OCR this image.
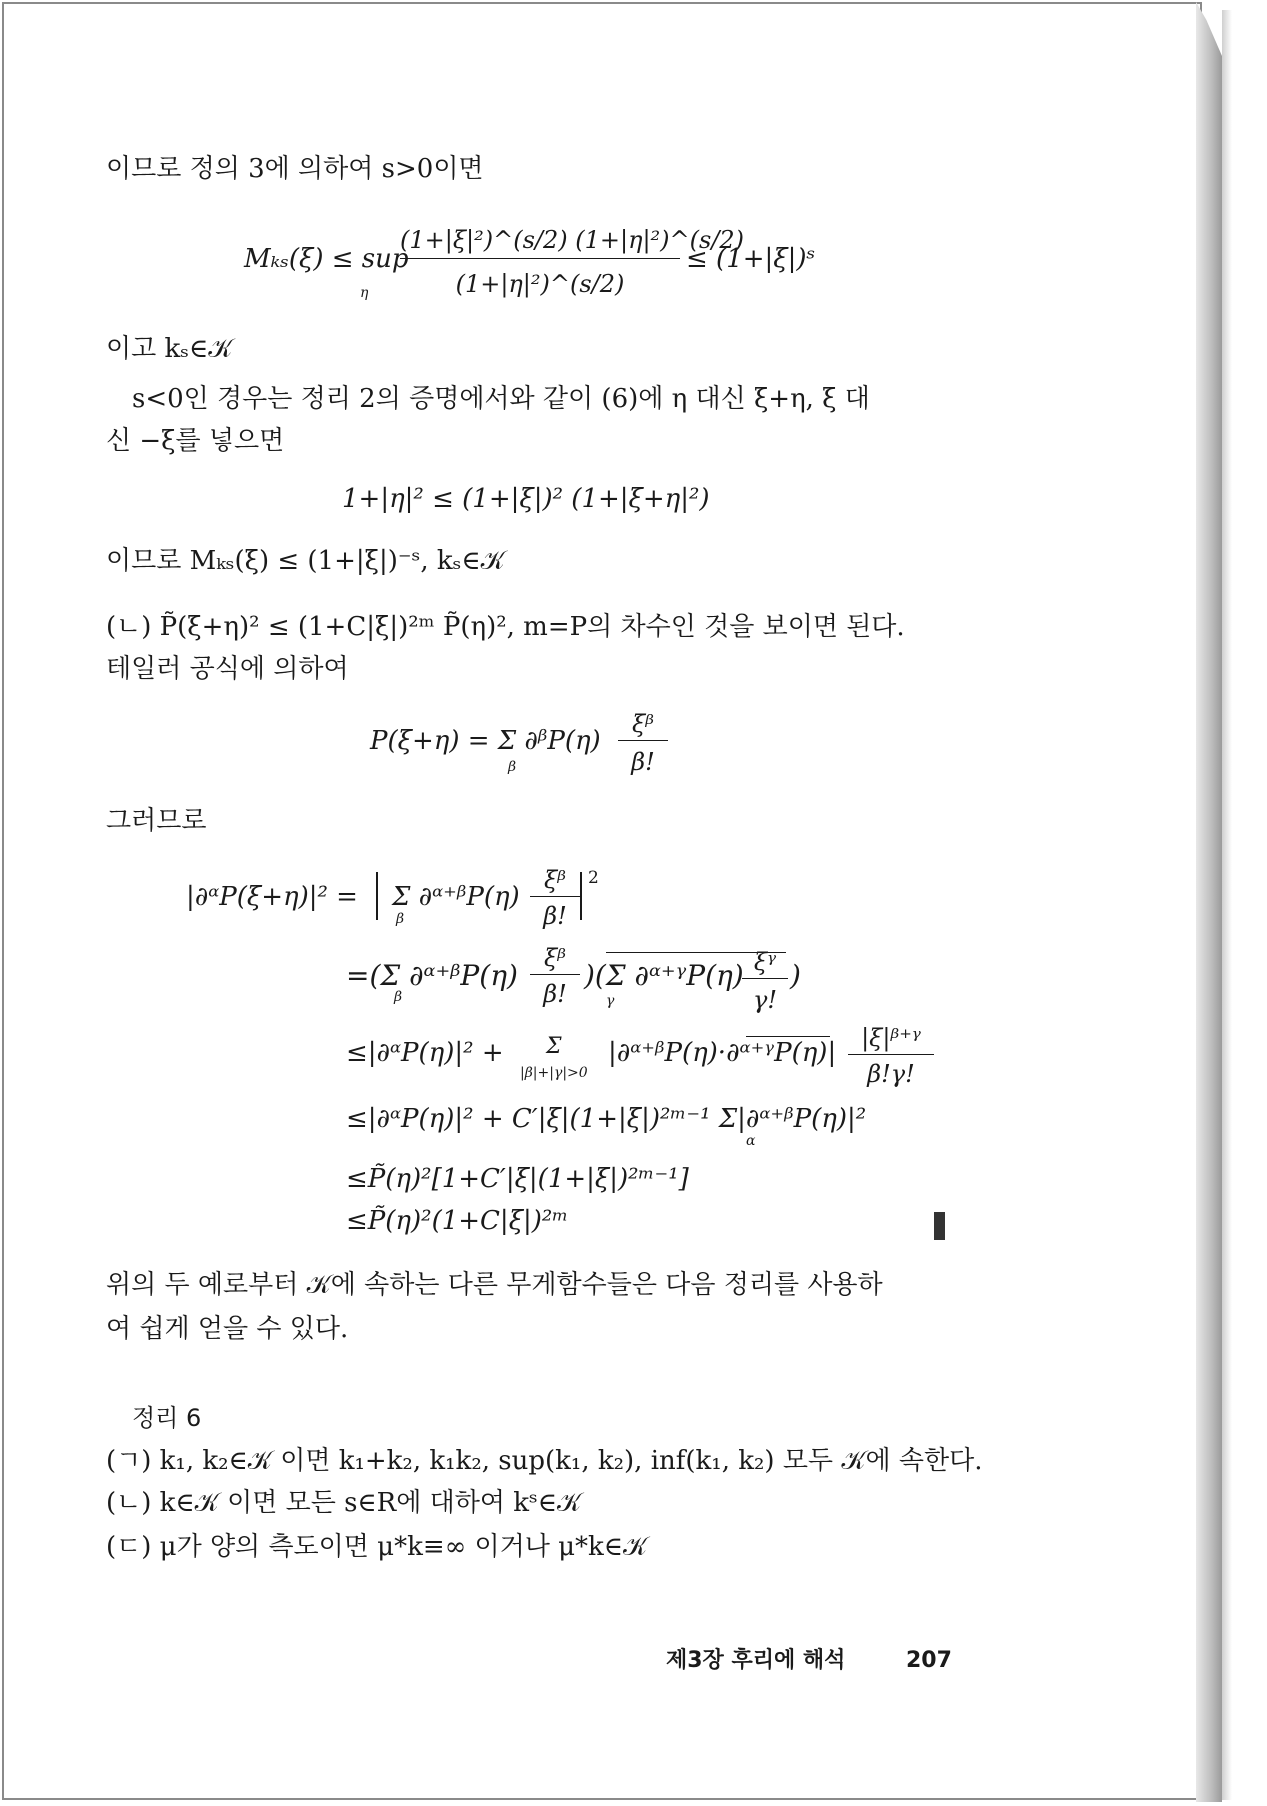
이므로 정의 3에 의하여 s>0이면
Mₖₛ(ξ) ≤ sup
η
(1+|ξ|²)^(s/2) (1+|η|²)^(s/2)
(1+|η|²)^(s/2)
≤ (1+|ξ|)ˢ
이고 kₛ∈𝒦
s<0인 경우는 정리 2의 증명에서와 같이 (6)에 η 대신 ξ+η, ξ 대
신 −ξ를 넣으면
1+|η|² ≤ (1+|ξ|)² (1+|ξ+η|²)
이므로 Mₖₛ(ξ) ≤ (1+|ξ|)⁻ˢ, kₛ∈𝒦
(ㄴ) P̃(ξ+η)² ≤ (1+C|ξ|)²ᵐ P̃(η)², m=P의 차수인 것을 보이면 된다.
테일러 공식에 의하여
P(ξ+η) = Σ ∂ᵝP(η)
β
ξᵝ
β!
그러므로
|∂ᵅP(ξ+η)|² = Σ ∂ᵅ⁺ᵝP(η)
β
ξᵝ
β!
2
=(Σ ∂ᵅ⁺ᵝP(η)
β
ξᵝ
β!
)(Σ ∂ᵅ⁺ᵞP(η)
γ
ξᵞ
γ!
)
≤|∂ᵅP(η)|² + Σ
|β|+|γ|>0
|∂ᵅ⁺ᵝP(η)·∂ᵅ⁺ᵞP(η)|	|ξ|ᵝ⁺ᵞ
β!γ!
≤|∂ᵅP(η)|² + C′|ξ|(1+|ξ|)²ᵐ⁻¹ Σ|∂ᵅ⁺ᵝP(η)|²
α
≤P̃(η)²[1+C′|ξ|(1+|ξ|)²ᵐ⁻¹]
≤P̃(η)²(1+C|ξ|)²ᵐ
위의 두 예로부터 𝒦에 속하는 다른 무게함수들은 다음 정리를 사용하
여 쉽게 얻을 수 있다.
정리 6
(ㄱ) k₁, k₂∈𝒦 이면 k₁+k₂, k₁k₂, sup(k₁, k₂), inf(k₁, k₂) 모두 𝒦에 속한다.
(ㄴ) k∈𝒦 이면 모든 s∈R에 대하여 kˢ∈𝒦
(ㄷ) μ가 양의 측도이면 μ*k≡∞ 이거나 μ*k∈𝒦
제3장 후리에 해석	207
